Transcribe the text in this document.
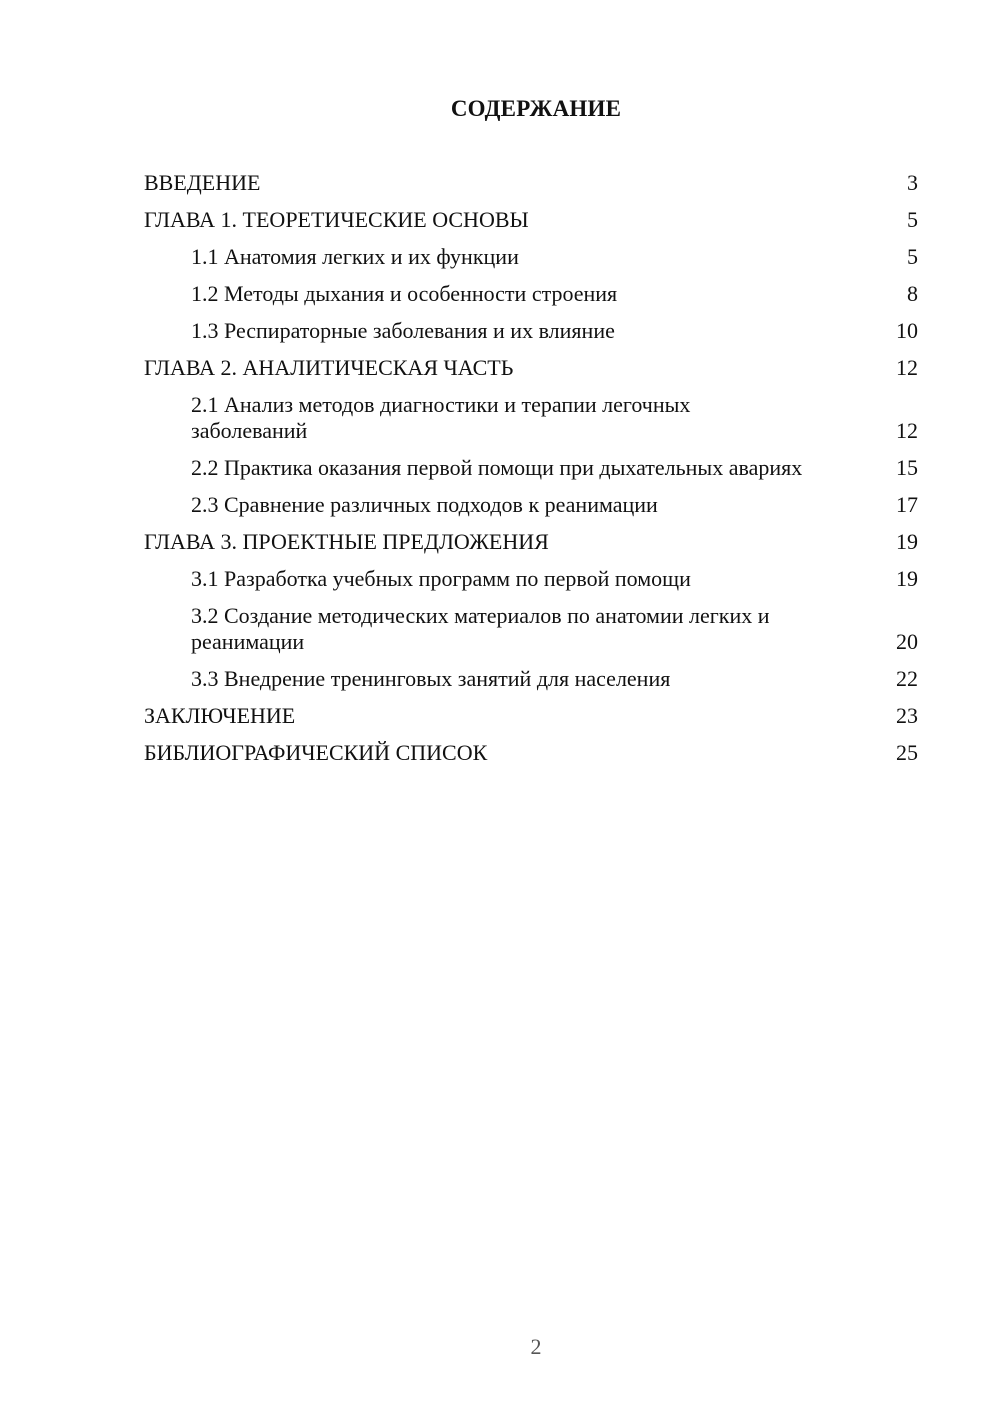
СОДЕРЖАНИЕ
ВВЕДЕНИЕ	3
ГЛАВА 1. ТЕОРЕТИЧЕСКИЕ ОСНОВЫ	5
1.1 Анатомия легких и их функции	5
1.2 Методы дыхания и особенности строения	8
1.3 Респираторные заболевания и их влияние	10
ГЛАВА 2. АНАЛИТИЧЕСКАЯ ЧАСТЬ	12
2.1 Анализ методов диагностики и терапии легочных заболеваний	12
2.2 Практика оказания первой помощи при дыхательных авариях	15
2.3 Сравнение различных подходов к реанимации	17
ГЛАВА 3. ПРОЕКТНЫЕ ПРЕДЛОЖЕНИЯ	19
3.1 Разработка учебных программ по первой помощи	19
3.2 Создание методических материалов по анатомии легких и реанимации	20
3.3 Внедрение тренинговых занятий для населения	22
ЗАКЛЮЧЕНИЕ	23
БИБЛИОГРАФИЧЕСКИЙ СПИСОК	25
2
